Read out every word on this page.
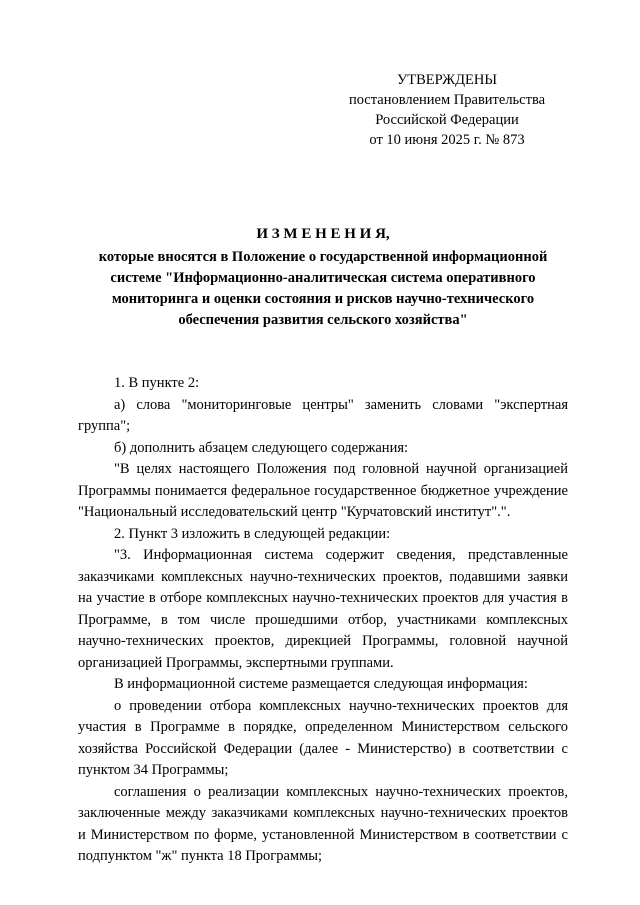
УТВЕРЖДЕНЫ
постановлением Правительства
Российской Федерации
от 10 июня 2025 г. № 873
И З М Е Н Е Н И Я,
которые вносятся в Положение о государственной информационной системе "Информационно-аналитическая система оперативного мониторинга и оценки состояния и рисков научно-технического обеспечения развития сельского хозяйства"

1. В пункте 2:

а) слова "мониторинговые центры" заменить словами "экспертная группа";

б) дополнить абзацем следующего содержания:

"В целях настоящего Положения под головной научной организацией Программы понимается федеральное государственное бюджетное учреждение "Национальный исследовательский центр "Курчатовский институт".".

2. Пункт 3 изложить в следующей редакции:

"3. Информационная система содержит сведения, представленные заказчиками комплексных научно-технических проектов, подавшими заявки на участие в отборе комплексных научно-технических проектов для участия в Программе, в том числе прошедшими отбор, участниками комплексных научно-технических проектов, дирекцией Программы, головной научной организацией Программы, экспертными группами.

В информационной системе размещается следующая информация:

о проведении отбора комплексных научно-технических проектов для участия в Программе в порядке, определенном Министерством сельского хозяйства Российской Федерации (далее - Министерство) в соответствии с пунктом 34 Программы;

соглашения о реализации комплексных научно-технических проектов, заключенные между заказчиками комплексных научно-технических проектов и Министерством по форме, установленной Министерством в соответствии с подпунктом "ж" пункта 18 Программы;
